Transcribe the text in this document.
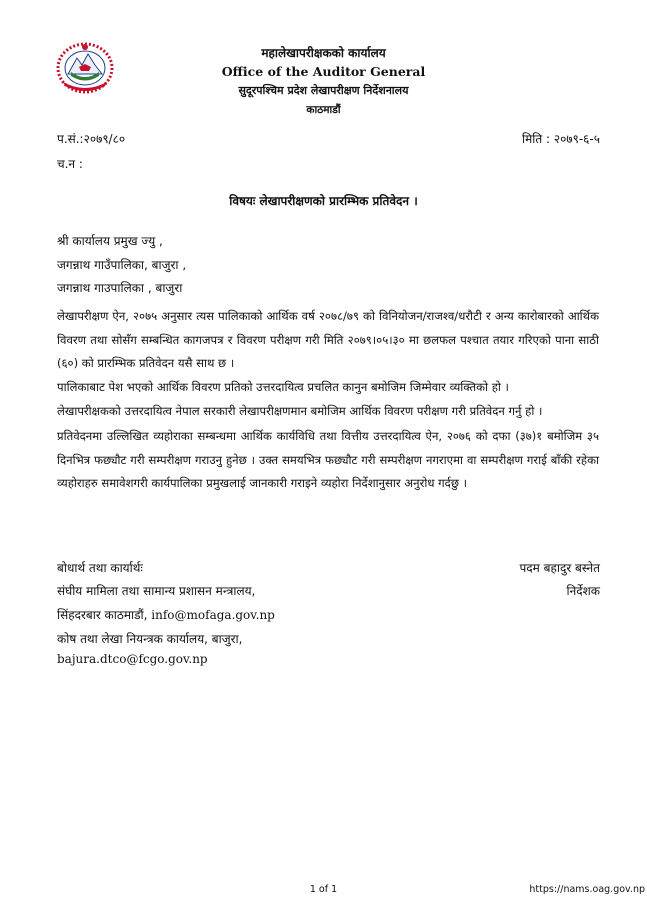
महालेखापरीक्षकको कार्यालय
Office of the Auditor General
सुदूरपश्चिम प्रदेश लेखापरीक्षण निर्देशनालय
काठमाडौं
प.सं.:२०७९/८०	मिति : २०७९-६-५
च.न :
विषयः लेखापरीक्षणको प्रारम्भिक प्रतिवेदन ।
श्री कार्यालय प्रमुख ज्यु ,
जगन्नाथ गाउँपालिका, बाजुरा ,
जगन्नाथ गाउपालिका , बाजुरा

लेखापरीक्षण ऐन, २०७५ अनुसार त्यस पालिकाको आर्थिक वर्ष २०७८/७९ को विनियोजन/राजश्व/धरौटी र अन्य कारोबारको आर्थिक विवरण तथा सोसँग सम्बन्धित कागजपत्र र विवरण परीक्षण गरी मिति २०७९।०५।३० मा छलफल पश्चात तयार गरिएको पाना साठी (६०) को प्रारम्भिक प्रतिवेदन यसै साथ छ ।

पालिकाबाट पेश भएको आर्थिक विवरण प्रतिको उत्तरदायित्व प्रचलित कानुन बमोजिम जिम्मेवार व्यक्तिको हो ।

लेखापरीक्षकको उत्तरदायित्व नेपाल सरकारी लेखापरीक्षणमान बमोजिम आर्थिक विवरण परीक्षण गरी प्रतिवेदन गर्नु हो ।

प्रतिवेदनमा उल्लिखित व्यहोराका सम्बन्धमा आर्थिक कार्यविधि तथा वित्तीय उत्तरदायित्व ऐन, २०७६ को दफा (३७)१ बमोजिम ३५ दिनभित्र फछ्यौट गरी सम्परीक्षण गराउनु हुनेछ । उक्त समयभित्र फछ्यौट गरी सम्परीक्षण नगराएमा वा सम्परीक्षण गराई बाँकी रहेका व्यहोराहरु समावेशगरी कार्यपालिका प्रमुखलाई जानकारी गराइने व्यहोरा निर्देशानुसार अनुरोध गर्दछु ।

बोधार्थ तथा कार्यार्थः
संघीय मामिला तथा सामान्य प्रशासन मन्त्रालय,
सिंहदरबार काठमाडौं, info@mofaga.gov.np
कोष तथा लेखा नियन्त्रक कार्यालय, बाजुरा,
bajura.dtco@fcgo.gov.np
पदम बहादुर बस्नेत
निर्देशक
1 of 1	https://nams.oag.gov.np
